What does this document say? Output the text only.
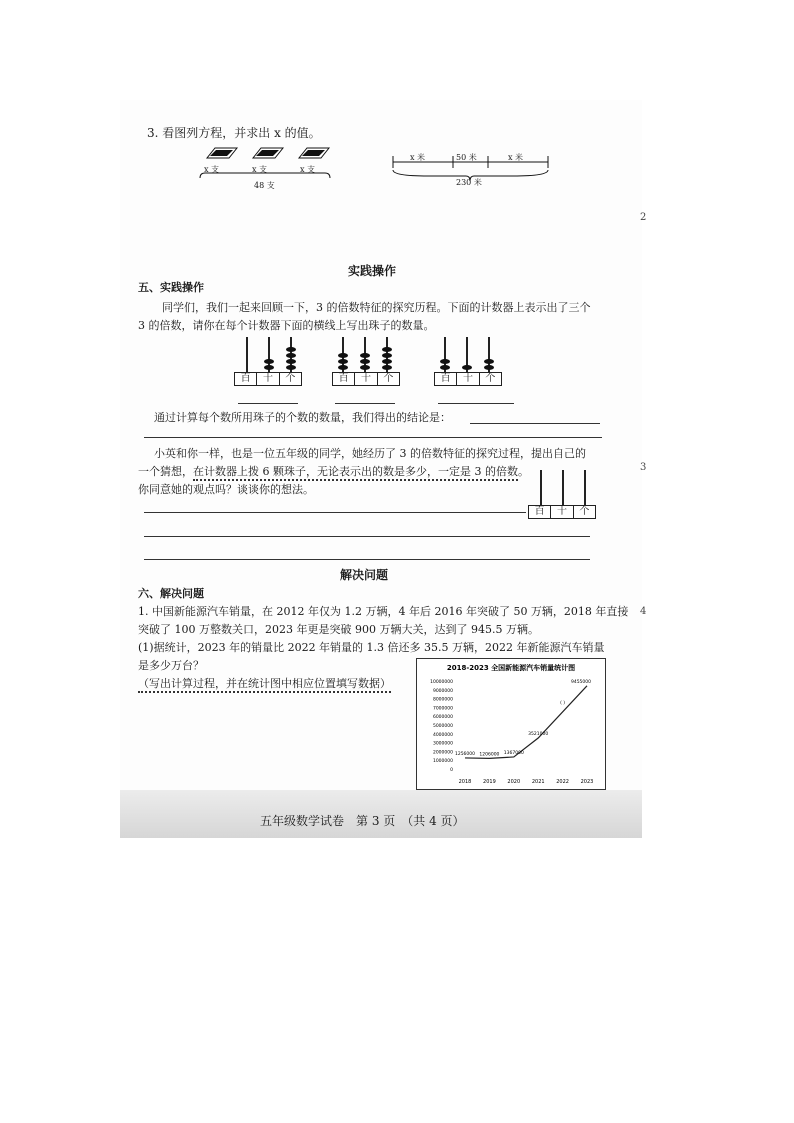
3. 看图列方程，并求出 x 的值。
x 支	x 支	x 支
48 支
x 米	50 米	x 米
230 米
实践操作
五、实践操作
同学们，我们一起来回顾一下，3 的倍数特征的探究历程。下面的计数器上表示出了三个
3 的倍数，请你在每个计数器下面的横线上写出珠子的数量。
百	十	个	百	十	个	百	十	个
通过计算每个数所用珠子的个数的数量，我们得出的结论是：
小英和你一样，也是一位五年级的同学，她经历了 3 的倍数特征的探究过程，提出自己的
一个猜想，在计数器上拨 6 颗珠子，无论表示出的数是多少，一定是 3 的倍数。
你同意她的观点吗？谈谈你的想法。
百	十	个
解决问题
六、解决问题
1. 中国新能源汽车销量，在 2012 年仅为 1.2 万辆，4 年后 2016 年突破了 50 万辆，2018 年直接
突破了 100 万整数关口，2023 年更是突破 900 万辆大关，达到了 945.5 万辆。
(1)据统计，2023 年的销量比 2022 年销量的 1.3 倍还多 35.5 万辆，2022 年新能源汽车销量
是多少万台？
（写出计算过程，并在统计图中相应位置填写数据）
2018-2023 全国新能源汽车销量统计图
0
1000000
2000000
3000000
4000000
5000000
6000000
7000000
8000000
9000000
10000000
2018 2019 2020 2021 2022 2023
1256000 1206000 1367000
3521000
( )
9455000
五年级数学试卷　第 3 页　（共 4 页）
2
3
4
